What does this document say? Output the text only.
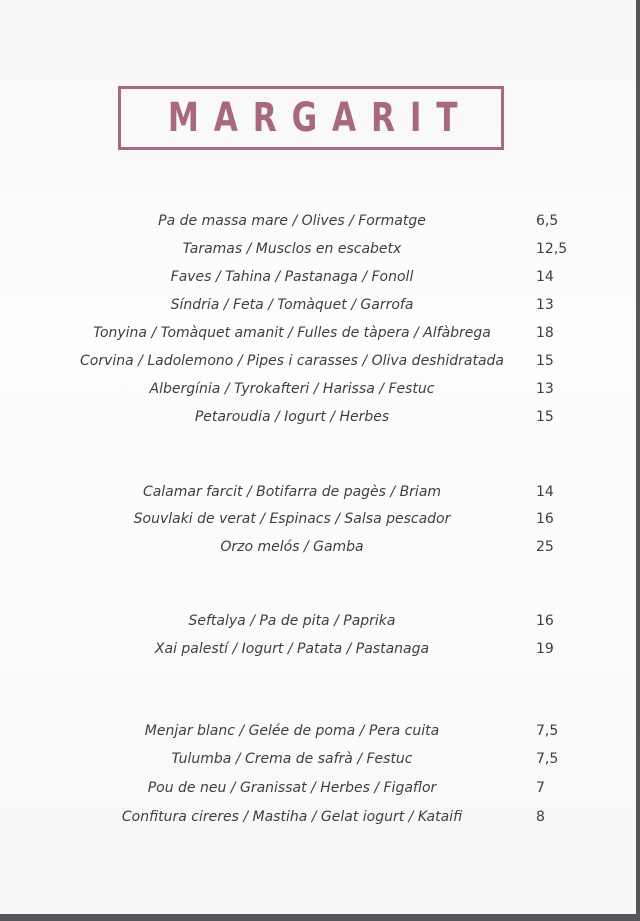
MARGARIT
Pa de massa mare / Olives / Formatge	6,5
Taramas / Musclos en escabetx	12,5
Faves / Tahina / Pastanaga / Fonoll	14
Síndria / Feta / Tomàquet / Garrofa	13
Tonyina / Tomàquet amanit / Fulles de tàpera / Alfàbrega	18
Corvina / Ladolemono / Pipes i carasses / Oliva deshidratada	15
Albergínia / Tyrokafteri / Harissa / Festuc	13
Petaroudia / Iogurt / Herbes	15
Calamar farcit / Botifarra de pagès / Briam	14
Souvlaki de verat / Espinacs / Salsa pescador	16
Orzo melós / Gamba	25
Seftalya / Pa de pita / Paprika	16
Xai palestí / Iogurt / Patata / Pastanaga	19
Menjar blanc / Gelée de poma / Pera cuita	7,5
Tulumba / Crema de safrà / Festuc	7,5
Pou de neu / Granissat / Herbes / Figaflor	7
Confitura cireres / Mastiha / Gelat iogurt / Kataifi	8
